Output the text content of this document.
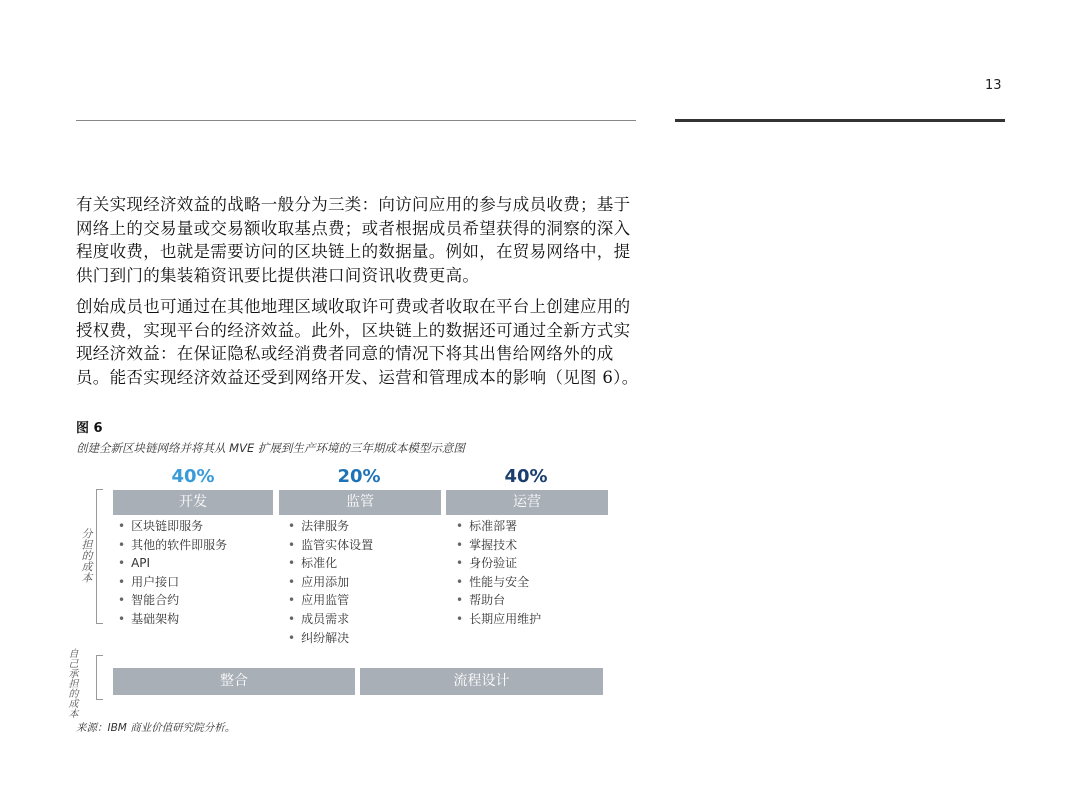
13

有关实现经济效益的战略一般分为三类：向访问应用的参与成员收费；基于网络上的交易量或交易额收取基点费；或者根据成员希望获得的洞察的深入程度收费，也就是需要访问的区块链上的数据量。例如，在贸易网络中，提供门到门的集装箱资讯要比提供港口间资讯收费更高。

创始成员也可通过在其他地理区域收取许可费或者收取在平台上创建应用的授权费，实现平台的经济效益。此外，区块链上的数据还可通过全新方式实现经济效益：在保证隐私或经消费者同意的情况下将其出售给网络外的成员。能否实现经济效益还受到网络开发、运营和管理成本的影响（见图 6）。

图 6
创建全新区块链网络并将其从 MVE 扩展到生产环境的三年期成本模型示意图
40%	20%	40%
分担的成本
自己承担的成本
开发	监管	运营
• 区块链即服务
• 其他的软件即服务
• API
• 用户接口
• 智能合约
• 基础架构
• 法律服务
• 监管实体设置
• 标准化
• 应用添加
• 应用监管
• 成员需求
• 纠纷解决
• 标准部署
• 掌握技术
• 身份验证
• 性能与安全
• 帮助台
• 长期应用维护
整合	流程设计
来源：IBM 商业价值研究院分析。
